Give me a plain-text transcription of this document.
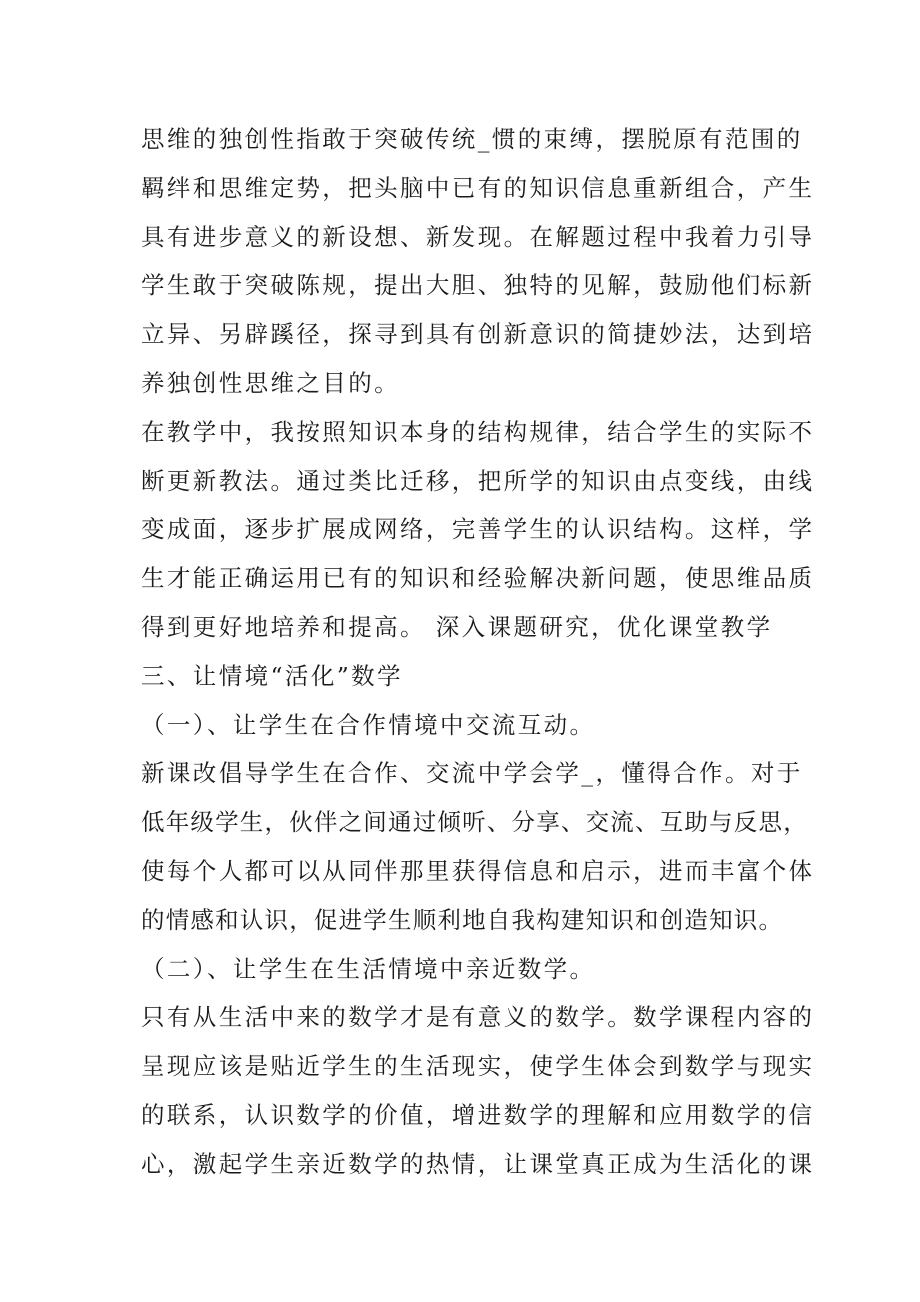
思维的独创性指敢于突破传统_惯的束缚，摆脱原有范围的
羁绊和思维定势，把头脑中已有的知识信息重新组合，产生
具有进步意义的新设想、新发现。在解题过程中我着力引导
学生敢于突破陈规，提出大胆、独特的见解，鼓励他们标新
立异、另辟蹊径，探寻到具有创新意识的简捷妙法，达到培
养独创性思维之目的。
在教学中，我按照知识本身的结构规律，结合学生的实际不
断更新教法。通过类比迁移，把所学的知识由点变线，由线
变成面，逐步扩展成网络，完善学生的认识结构。这样，学
生才能正确运用已有的知识和经验解决新问题，使思维品质
得到更好地培养和提高。 深入课题研究，优化课堂教学
三、让情境“活化”数学
（一）、让学生在合作情境中交流互动。
新课改倡导学生在合作、交流中学会学_，懂得合作。对于
低年级学生，伙伴之间通过倾听、分享、交流、互助与反思，
使每个人都可以从同伴那里获得信息和启示，进而丰富个体
的情感和认识，促进学生顺利地自我构建知识和创造知识。
（二）、让学生在生活情境中亲近数学。
只有从生活中来的数学才是有意义的数学。数学课程内容的
呈现应该是贴近学生的生活现实，使学生体会到数学与现实
的联系，认识数学的价值，增进数学的理解和应用数学的信
心，激起学生亲近数学的热情，让课堂真正成为生活化的课
